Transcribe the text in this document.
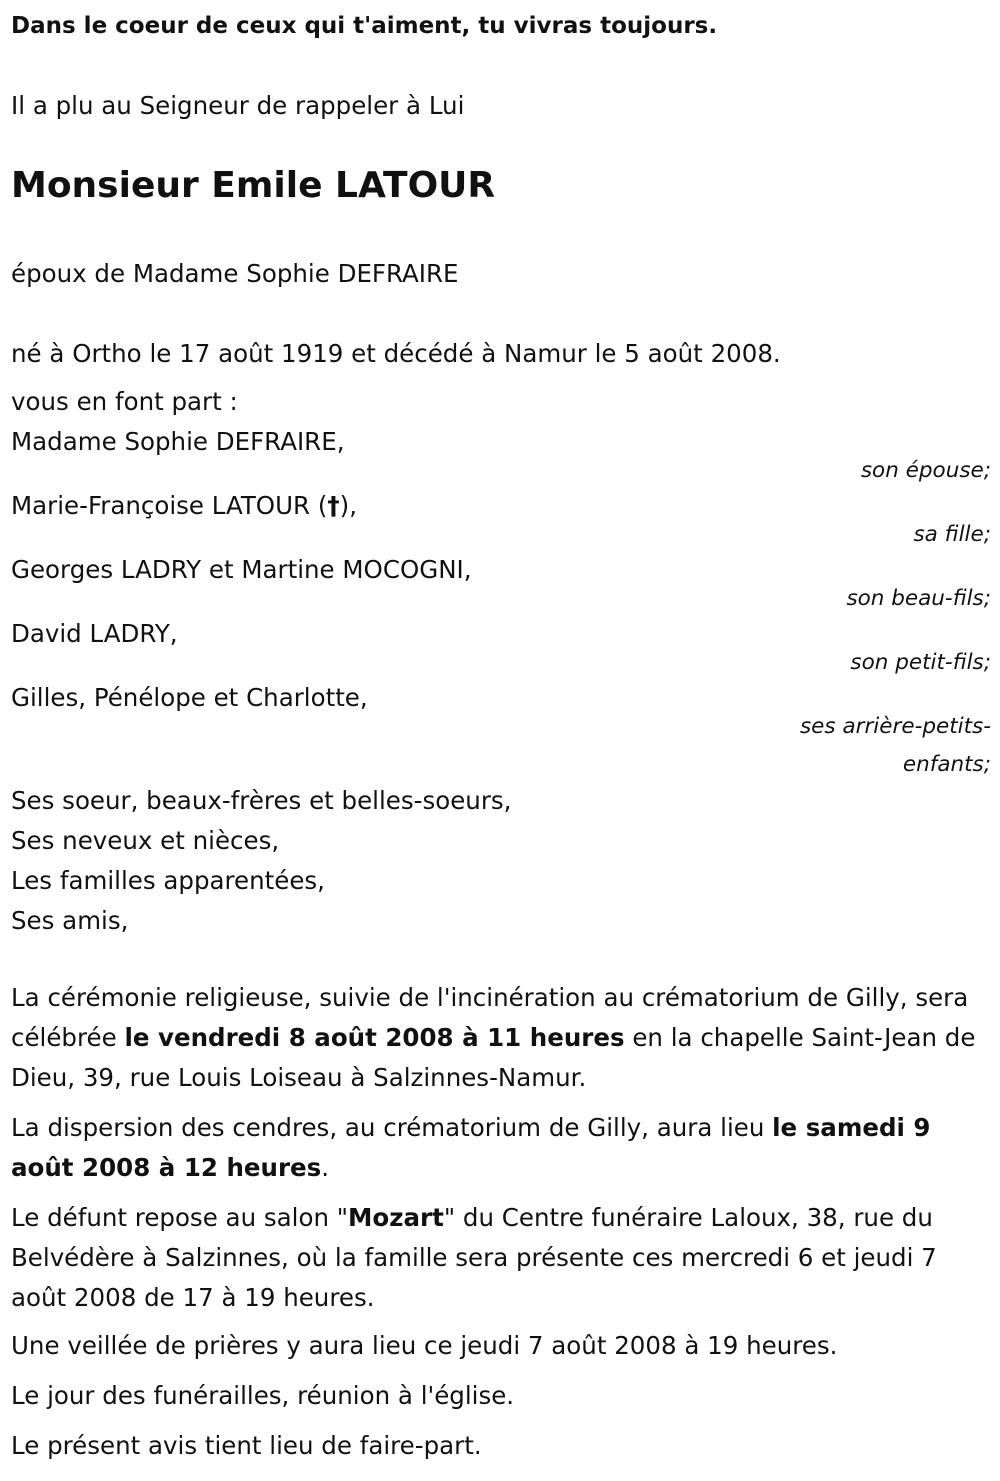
Dans le coeur de ceux qui t'aiment, tu vivras toujours.
Il a plu au Seigneur de rappeler à Lui
Monsieur Emile LATOUR
époux de Madame Sophie DEFRAIRE
né à Ortho le 17 août 1919 et décédé à Namur le 5 août 2008.
vous en font part :
Madame Sophie DEFRAIRE,
son épouse;
Marie-Françoise LATOUR (†),
sa fille;
Georges LADRY et Martine MOCOGNI,
son beau-fils;
David LADRY,
son petit-fils;
Gilles, Pénélope et Charlotte,
ses arrière-petits-
enfants;
Ses soeur, beaux-frères et belles-soeurs,
Ses neveux et nièces,
Les familles apparentées,
Ses amis,
La cérémonie religieuse, suivie de l'incinération au crématorium de Gilly, sera célébrée le vendredi 8 août 2008 à 11 heures en la chapelle Saint-Jean de Dieu, 39, rue Louis Loiseau à Salzinnes-Namur.
La dispersion des cendres, au crématorium de Gilly, aura lieu le samedi 9 août 2008 à 12 heures.
Le défunt repose au salon "Mozart" du Centre funéraire Laloux, 38, rue du Belvédère à Salzinnes, où la famille sera présente ces mercredi 6 et jeudi 7 août 2008 de 17 à 19 heures.
Une veillée de prières y aura lieu ce jeudi 7 août 2008 à 19 heures.
Le jour des funérailles, réunion à l'église.
Le présent avis tient lieu de faire-part.
